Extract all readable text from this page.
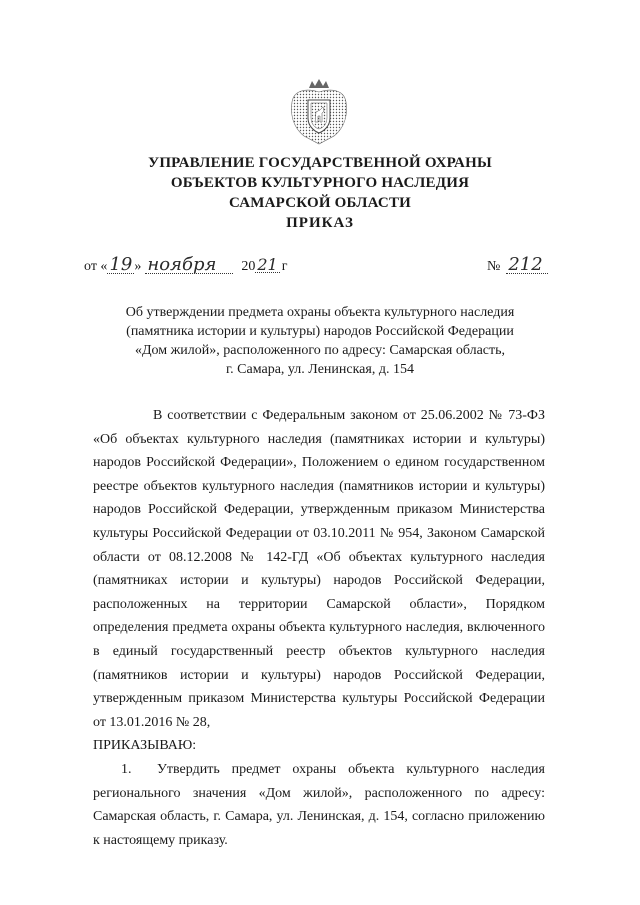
УПРАВЛЕНИЕ ГОСУДАРСТВЕННОЙ ОХРАНЫ
ОБЪЕКТОВ КУЛЬТУРНОГО НАСЛЕДИЯ
САМАРСКОЙ ОБЛАСТИ
ПРИКАЗ
от « 19 » ноября	20 21 г	№ 212
Об утверждении предмета охраны объекта культурного наследия
(памятника истории и культуры) народов Российской Федерации
«Дом жилой», расположенного по адресу: Самарская область,
г. Самара, ул. Ленинская, д. 154

В соответствии с Федеральным законом от 25.06.2002 № 73-ФЗ «Об объектах культурного наследия (памятниках истории и культуры) народов Российской Федерации», Положением о едином государственном реестре объектов культурного наследия (памятников истории и культуры) народов Российской Федерации, утвержденным приказом Министерства культуры Российской Федерации от 03.10.2011 № 954, Законом Самарской области от 08.12.2008 № 142-ГД «Об объектах культурного наследия (памятниках истории и культуры) народов Российской Федерации, расположенных на территории Самарской области», Порядком определения предмета охраны объекта культурного наследия, включенного в единый государственный реестр объектов культурного наследия (памятников истории и культуры) народов Российской Федерации, утвержденным приказом Министерства культуры Российской Федерации от 13.01.2016 № 28,

ПРИКАЗЫВАЮ:

1. Утвердить предмет охраны объекта культурного наследия регионального значения «Дом жилой», расположенного по адресу: Самарская область, г. Самара, ул. Ленинская, д. 154, согласно приложению к настоящему приказу.
